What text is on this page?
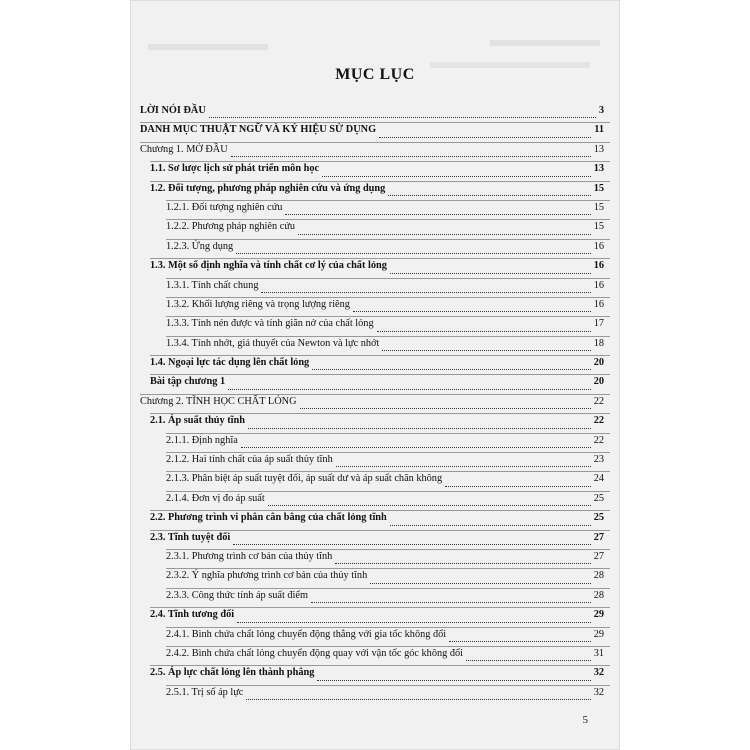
MỤC LỤC
LỜI NÓI ĐẦU	3
DANH MỤC THUẬT NGỮ VÀ KÝ HIỆU SỬ DỤNG	11
Chương 1. MỞ ĐẦU	13
1.1. Sơ lược lịch sử phát triển môn học	13
1.2. Đối tượng, phương pháp nghiên cứu và ứng dụng	15
1.2.1. Đối tượng nghiên cứu	15
1.2.2. Phương pháp nghiên cứu	15
1.2.3. Ứng dụng	16
1.3. Một số định nghĩa và tính chất cơ lý của chất lỏng	16
1.3.1. Tính chất chung	16
1.3.2. Khối lượng riêng và trọng lượng riêng	16
1.3.3. Tính nén được và tính giãn nở của chất lỏng	17
1.3.4. Tính nhớt, giả thuyết của Newton và lực nhớt	18
1.4. Ngoại lực tác dụng lên chất lỏng	20
Bài tập chương 1	20
Chương 2. TĨNH HỌC CHẤT LỎNG	22
2.1. Áp suất thủy tĩnh	22
2.1.1. Định nghĩa	22
2.1.2. Hai tính chất của áp suất thủy tĩnh	23
2.1.3. Phân biệt áp suất tuyệt đối, áp suất dư và áp suất chân không	24
2.1.4. Đơn vị đo áp suất	25
2.2. Phương trình vi phân cân bằng của chất lỏng tĩnh	25
2.3. Tĩnh tuyệt đối	27
2.3.1. Phương trình cơ bản của thủy tĩnh	27
2.3.2. Ý nghĩa phương trình cơ bản của thủy tĩnh	28
2.3.3. Công thức tính áp suất điểm	28
2.4. Tĩnh tương đối	29
2.4.1. Bình chứa chất lỏng chuyển động thẳng với gia tốc không đổi	29
2.4.2. Bình chứa chất lỏng chuyển động quay với vận tốc góc không đổi	31
2.5. Áp lực chất lỏng lên thành phẳng	32
2.5.1. Trị số áp lực	32
5
